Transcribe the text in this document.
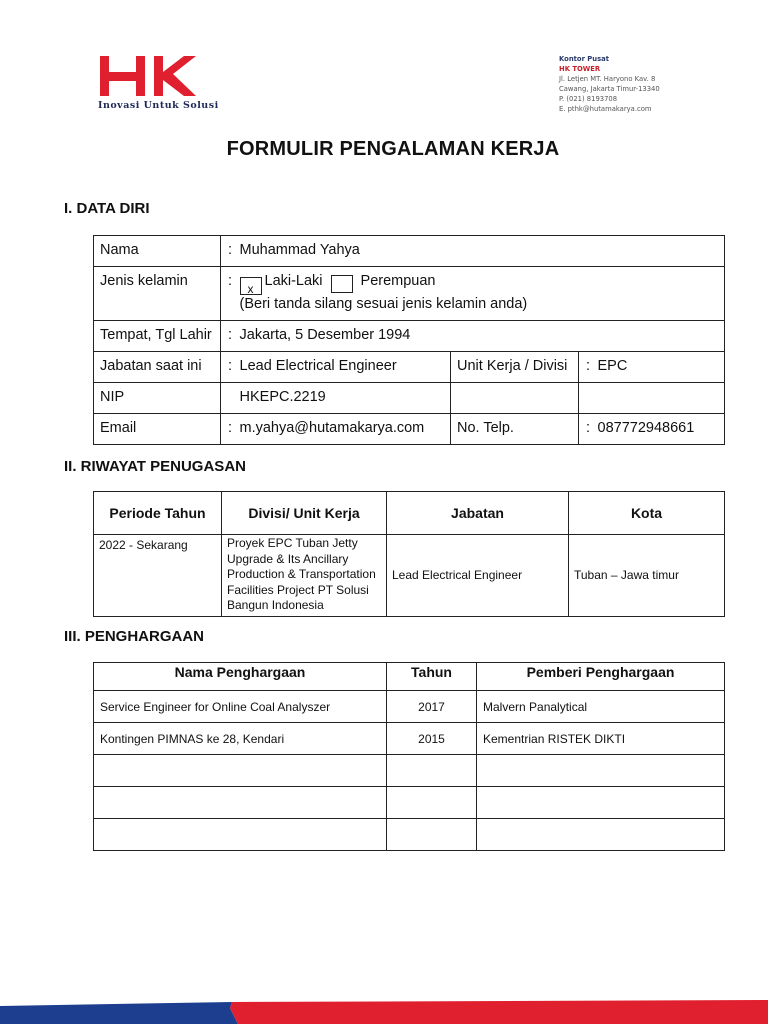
Inovasi Untuk Solusi
Kontor Pusat
HK TOWER
Jl. Letjen MT. Haryono Kav. 8
Cawang, Jakarta Timur-13340
P. (021) 8193708
E. pthk@hutamakarya.com
FORMULIR PENGALAMAN KERJA
I. DATA DIRI
Nama	:	Muhammad Yahya			
Jenis kelamin	:	x Laki-Laki Perempuan
(Beri tanda silang sesuai jenis kelamin anda)			

Tempat, Tgl Lahir	:	Jakarta, 5 Desember 1994			
Jabatan saat ini	:	Lead Electrical Engineer	Unit Kerja / Divisi	:	EPC
NIP		HKEPC.2219			
Email	:	m.yahya@hutamakarya.com	No. Telp.	:	087772948661
II. RIWAYAT PENUGASAN
Periode Tahun	Divisi/ Unit Kerja	Jabatan	Kota
2022 - Sekarang	Proyek EPC Tuban Jetty Upgrade & Its Ancillary Production & Transportation Facilities Project PT Solusi Bangun Indonesia	Lead Electrical Engineer	Tuban – Jawa timur
III. PENGHARGAAN
Nama Penghargaan	Tahun	Pemberi Penghargaan
Service Engineer for Online Coal Analyszer	2017	Malvern Panalytical
Kontingen PIMNAS ke 28, Kendari	2015	Kementrian RISTEK DIKTI
